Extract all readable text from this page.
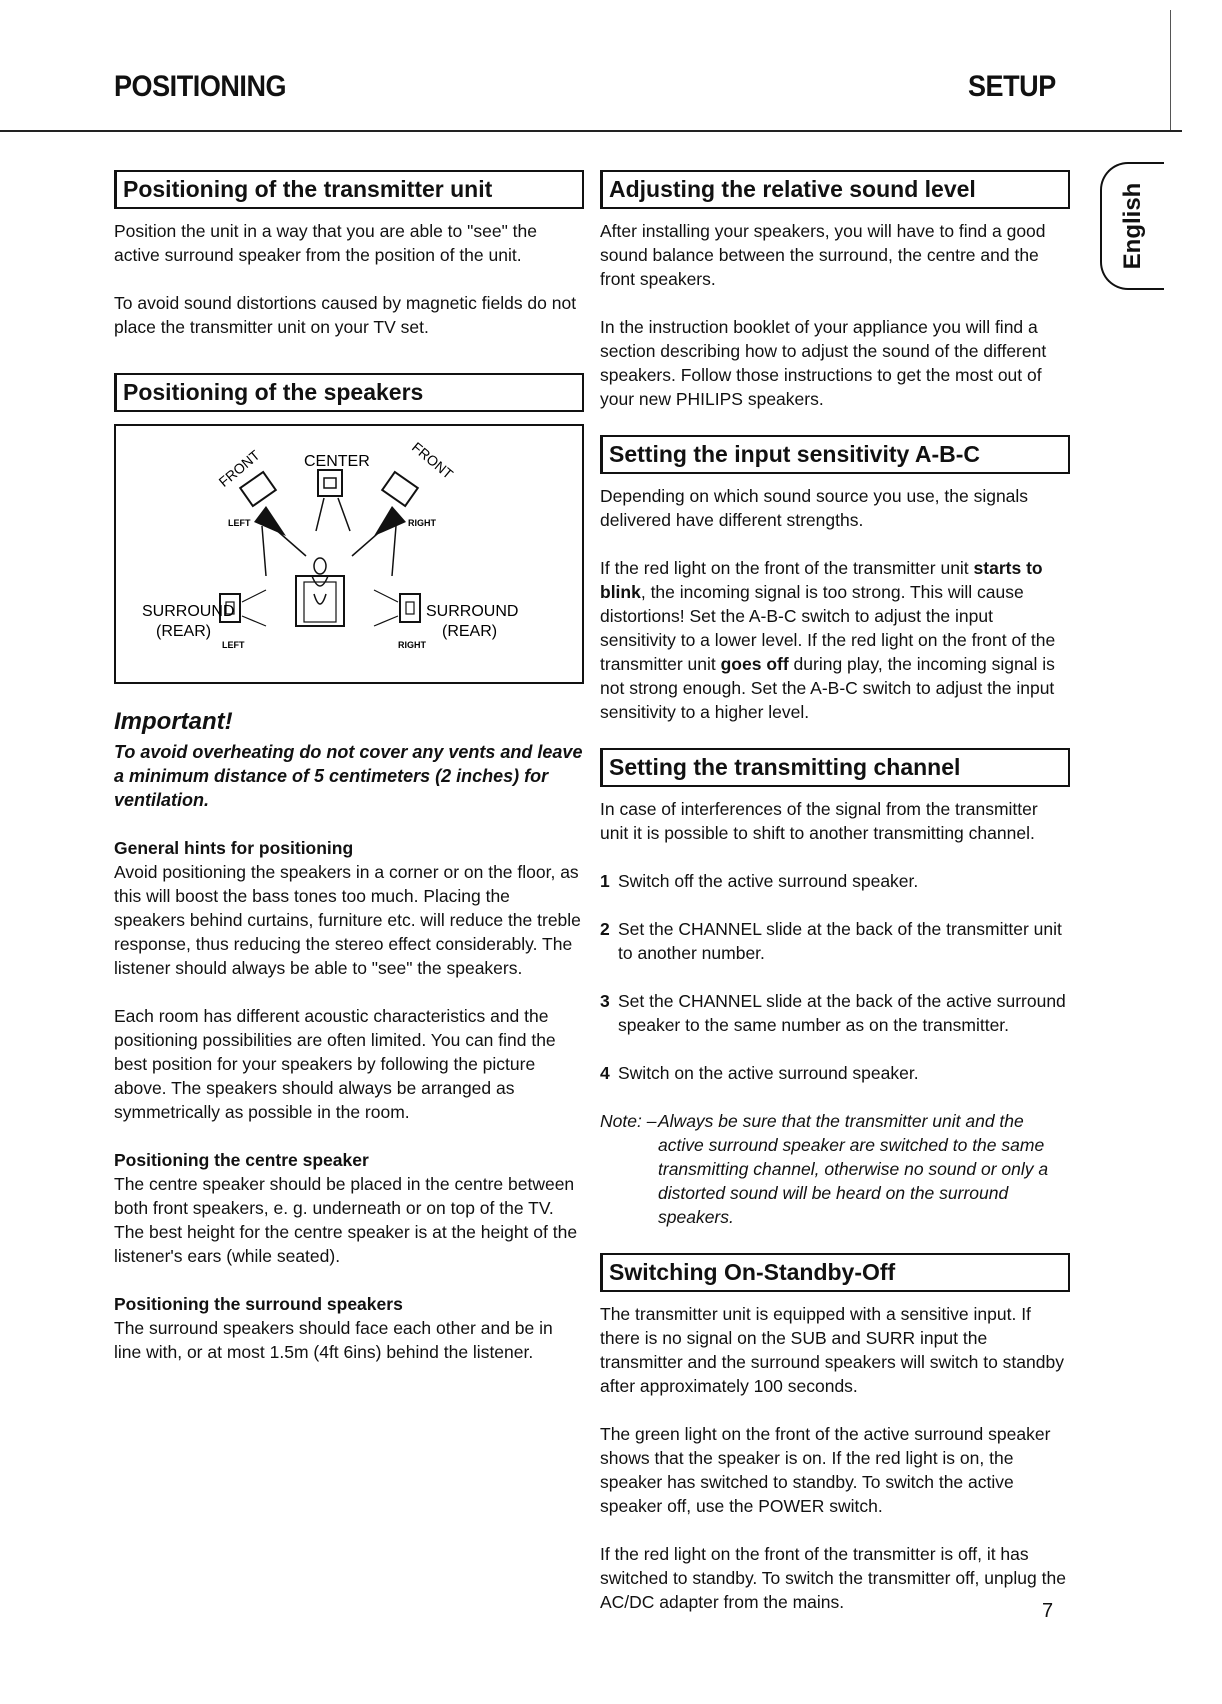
POSITIONING	SETUP
English
Positioning of the transmitter unit

Position the unit in a way that you are able to "see" the active surround speaker from the position of the unit.

To avoid sound distortions caused by magnetic fields do not place the transmitter unit on your TV set.

Positioning of the speakers
CENTER
FRONT	FRONT
LEFT	RIGHT
SURROUND
(REAR)
SURROUND
(REAR)
LEFT	RIGHT
Important!
To avoid overheating do not cover any vents and leave a minimum distance of 5 centimeters (2 inches) for ventilation.
General hints for positioning

Avoid positioning the speakers in a corner or on the floor, as this will boost the bass tones too much. Placing the speakers behind curtains, furniture etc. will reduce the treble response, thus reducing the stereo effect considerably. The listener should always be able to "see" the speakers.

Each room has different acoustic characteristics and the positioning possibilities are often limited. You can find the best position for your speakers by following the picture above. The speakers should always be arranged as symmetrically as possible in the room.

Positioning the centre speaker

The centre speaker should be placed in the centre between both front speakers, e. g. underneath or on top of the TV. The best height for the centre speaker is at the height of the listener's ears (while seated).

Positioning the surround speakers

The surround speakers should face each other and be in line with, or at most 1.5m (4ft 6ins) behind the listener.

Adjusting the relative sound level

After installing your speakers, you will have to find a good sound balance between the surround, the centre and the front speakers.

In the instruction booklet of your appliance you will find a section describing how to adjust the sound of the different speakers. Follow those instructions to get the most out of your new PHILIPS speakers.

Setting the input sensitivity A-B-C

Depending on which sound source you use, the signals delivered have different strengths.

If the red light on the front of the transmitter unit starts to blink, the incoming signal is too strong. This will cause distortions! Set the A-B-C switch to adjust the input sensitivity to a lower level. If the red light on the front of the transmitter unit goes off during play, the incoming signal is not strong enough. Set the A-B-C switch to adjust the input sensitivity to a higher level.

Setting the transmitting channel

In case of interferences of the signal from the transmitter unit it is possible to shift to another transmitting channel.

1 Switch off the active surround speaker.
2 Set the CHANNEL slide at the back of the transmitter unit to another number.
3 Set the CHANNEL slide at the back of the active surround speaker to the same number as on the transmitter.
4 Switch on the active surround speaker.
Note: – Always be sure that the transmitter unit and the active surround speaker are switched to the same transmitting channel, otherwise no sound or only a distorted sound will be heard on the surround speakers.
Switching On-Standby-Off

The transmitter unit is equipped with a sensitive input. If there is no signal on the SUB and SURR input the transmitter and the surround speakers will switch to standby after approximately 100 seconds.

The green light on the front of the active surround speaker shows that the speaker is on. If the red light is on, the speaker has switched to standby. To switch the active speaker off, use the POWER switch.

If the red light on the front of the transmitter is off, it has switched to standby. To switch the transmitter off, unplug the AC/DC adapter from the mains.	7
